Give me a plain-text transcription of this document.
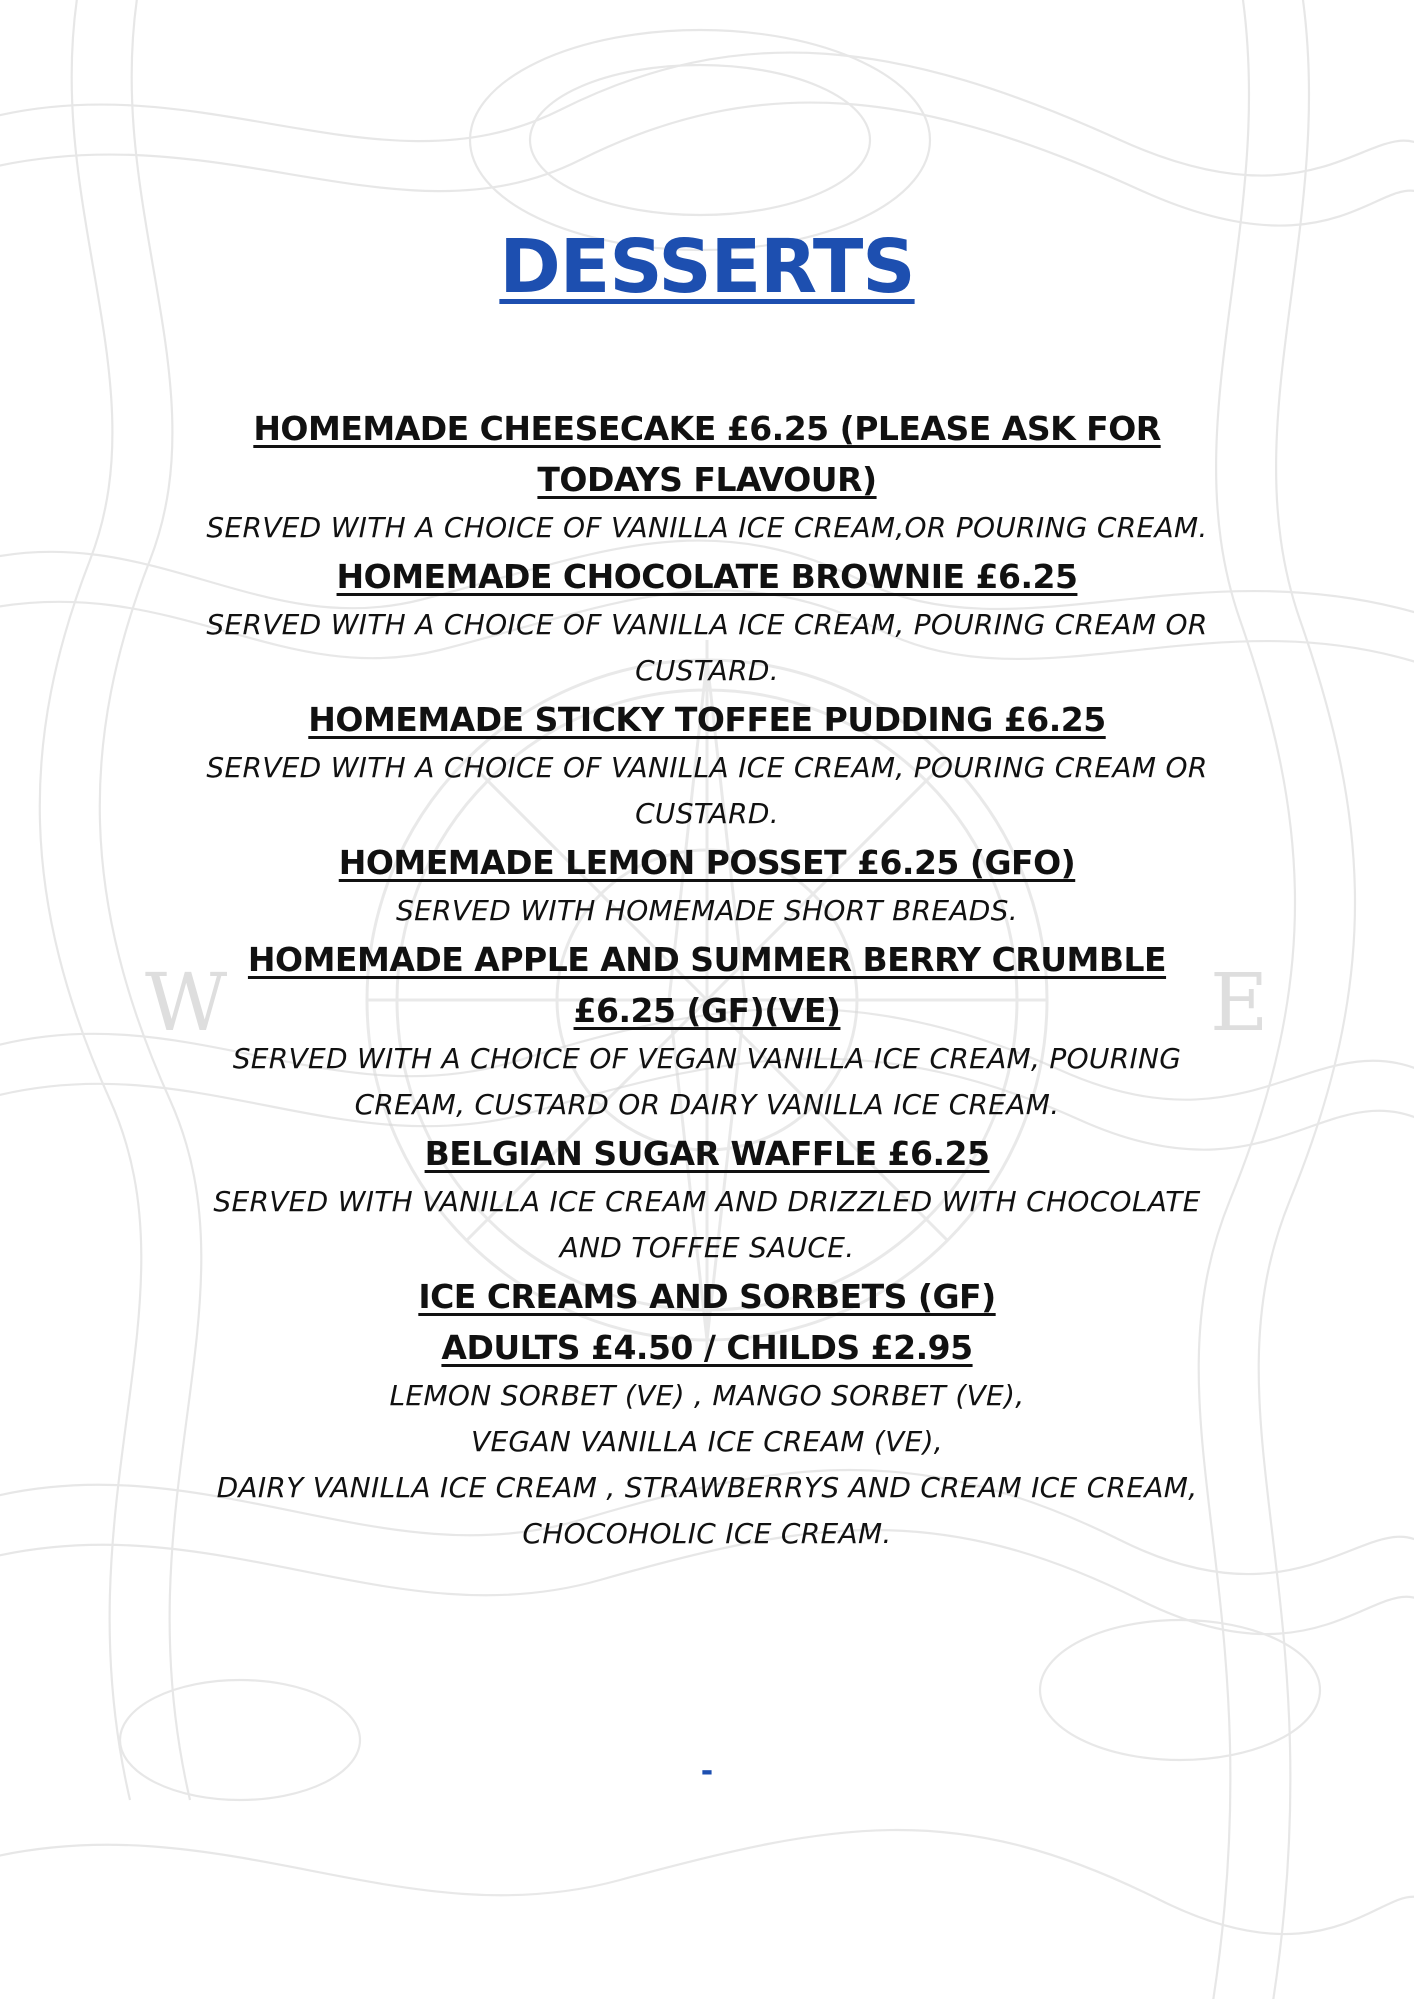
W	E
DESSERTS
HOMEMADE CHEESECAKE £6.25 (PLEASE ASK FOR TODAYS FLAVOUR)
SERVED WITH A CHOICE OF VANILLA ICE CREAM,OR POURING CREAM.
HOMEMADE CHOCOLATE BROWNIE £6.25
SERVED WITH A CHOICE OF VANILLA ICE CREAM, POURING CREAM OR CUSTARD.
HOMEMADE STICKY TOFFEE PUDDING £6.25
SERVED WITH A CHOICE OF VANILLA ICE CREAM, POURING CREAM OR CUSTARD.
HOMEMADE LEMON POSSET £6.25 (GFO)
SERVED WITH HOMEMADE SHORT BREADS.
HOMEMADE APPLE AND SUMMER BERRY CRUMBLE £6.25 (GF)(VE)
SERVED WITH A CHOICE OF VEGAN VANILLA ICE CREAM, POURING CREAM, CUSTARD OR DAIRY VANILLA ICE CREAM.
BELGIAN SUGAR WAFFLE £6.25
SERVED WITH VANILLA ICE CREAM AND DRIZZLED WITH CHOCOLATE AND TOFFEE SAUCE.
ICE CREAMS AND SORBETS (GF)
ADULTS £4.50 / CHILDS £2.95
LEMON SORBET (VE) , MANGO SORBET (VE),
VEGAN VANILLA ICE CREAM (VE),
DAIRY VANILLA ICE CREAM , STRAWBERRYS AND CREAM ICE CREAM, CHOCOHOLIC ICE CREAM.
-
